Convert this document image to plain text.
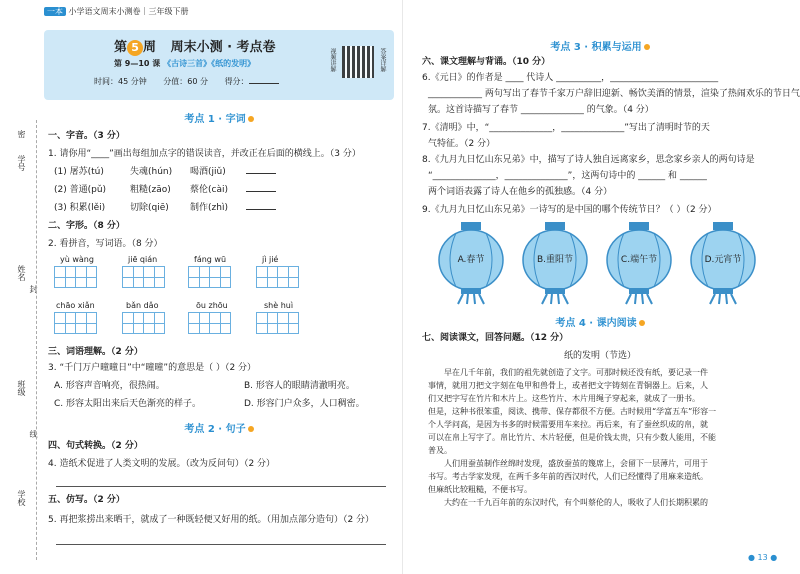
一本 小学语文周末小测卷｜三年级下册
第 5 周 周末小测 · 考点卷
第 9—10 课 《古诗三首》《纸的发明》
时间：45 分钟 分值：60 分 得分：
视频讲解	答案详解
密
学号
姓名
封
班级
线
学校
考点 1 · 字词
一、字音。（3 分）
1. 请你用“____”画出每组加点字的错误读音，并改正在后面的横线上。（3 分）
(1) 屠苏(tú)	失魂(hún) 喝酒(jiǔ)
(2) 普通(pǔ)	粗糙(zāo) 蔡伦(cài)
(3) 积累(lěi)	切除(qiē) 制作(zhì)
二、字形。（8 分）
2. 看拼音，写词语。（8 分）
yù wàng	jiē qián	fáng wū	jì jié
chāo xiǎn	bǎn dǎo	ōu zhōu	shè huì
三、词语理解。（2 分）
3. “千门万户曈曈日”中“曈曈”的意思是（ ）（2 分）
A. 形容声音响亮，很热闹。	B. 形容人的眼睛清澈明亮。
C. 形容太阳出来后天色渐亮的样子。	D. 形容门户众多，人口稠密。
考点 2 · 句子
四、句式转换。（2 分）
4. 造纸术促进了人类文明的发展。（改为反问句）（2 分）
五、仿写。（2 分）
5. 再把浆捞出来晒干，就成了一种既轻便又好用的纸。（用加点部分造句）（2 分）
考点 3 · 积累与运用
六、课文理解与背诵。（10 分）
6.《元日》的作者是 ____ 代诗人 __________，________________________
____________ 两句写出了春节千家万户辞旧迎新、畅饮美酒的情景，渲染了热闹欢乐的节日气
氛。这首诗描写了春节 ______________ 的气象。（4 分）
7.《清明》中，“______________，______________”写出了清明时节的天
气特征。（2 分）
8.《九月九日忆山东兄弟》中，描写了诗人独自远离家乡，思念家乡亲人的两句诗是
“______________，______________”，这两句诗中的 ______ 和 ______
两个词语表露了诗人在他乡的孤独感。（4 分）
9.《九月九日忆山东兄弟》一诗写的是中国的哪个传统节日？（ ）（2 分）
A.春节	B.重阳节	C.端午节	D.元宵节
考点 4 · 课内阅读
七、阅读课文，回答问题。（12 分）
纸的发明（节选）
早在几千年前，我们的祖先就创造了文字。可那时候还没有纸，要记录一件
事情，就用刀把文字刻在龟甲和兽骨上，或者把文字铸刻在青铜器上。后来，人
们又把字写在竹片和木片上。这些竹片、木片用绳子穿起来，就成了一册书。
但是，这种书很笨重，阅读、携带、保存都很不方便。古时候用“学富五车”形容一
个人学问高，是因为书多的时候需要用车来拉。再后来，有了蚕丝织成的帛，就
可以在帛上写字了。帛比竹片、木片轻便，但是价钱太贵，只有少数人能用，不能
普及。
人们用蚕茧制作丝绵时发现，盛放蚕茧的篾席上，会留下一层薄片，可用于
书写。考古学家发现，在两千多年前的西汉时代，人们已经懂得了用麻来造纸。
但麻纸比较粗糙，不便书写。
大约在一千九百年前的东汉时代，有个叫蔡伦的人，吸收了人们长期积累的
● 13 ●
